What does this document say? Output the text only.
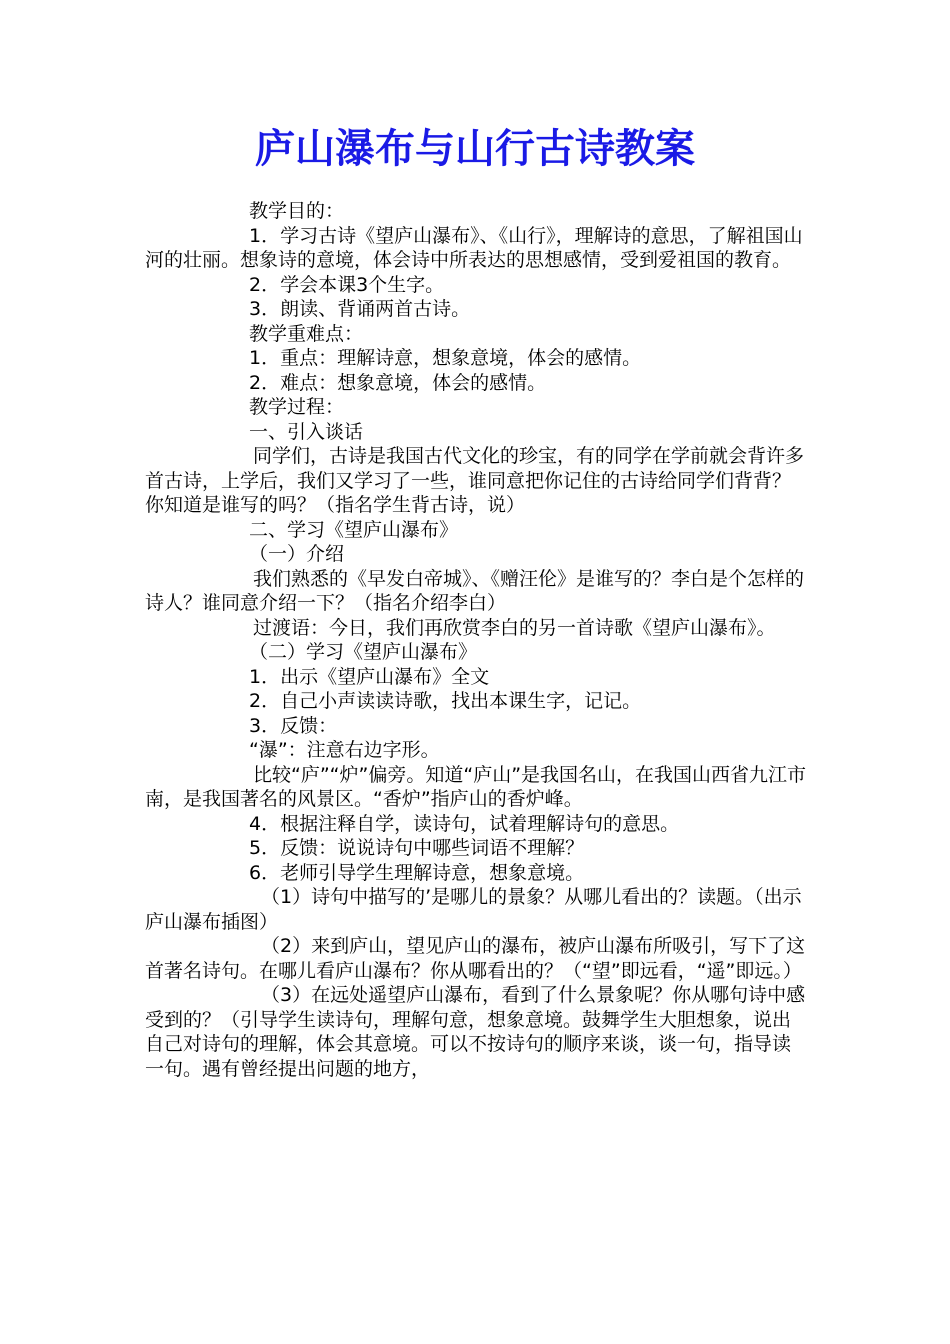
庐山瀑布与山行古诗教案

教学目的：

1．学习古诗《望庐山瀑布》、《山行》，理解诗的意思，了解祖国山河的壮丽。想象诗的意境，体会诗中所表达的思想感情，受到爱祖国的教育。

2．学会本课3个生字。

3．朗读、背诵两首古诗。

教学重难点：

1．重点：理解诗意，想象意境，体会的感情。

2．难点：想象意境，体会的感情。

教学过程：

一、引入谈话

同学们，古诗是我国古代文化的珍宝，有的同学在学前就会背许多首古诗，上学后，我们又学习了一些，谁同意把你记住的古诗给同学们背背？你知道是谁写的吗？（指名学生背古诗，说）

二、学习《望庐山瀑布》

（一）介绍

我们熟悉的《早发白帝城》、《赠汪伦》是谁写的？李白是个怎样的诗人？谁同意介绍一下？（指名介绍李白）

过渡语：今日，我们再欣赏李白的另一首诗歌《望庐山瀑布》。

（二）学习《望庐山瀑布》

1．出示《望庐山瀑布》全文

2．自己小声读读诗歌，找出本课生字，记记。

3．反馈：

“瀑”：注意右边字形。

比较“庐”“炉”偏旁。知道“庐山”是我国名山，在我国山西省九江市南，是我国著名的风景区。“香炉”指庐山的香炉峰。

4．根据注释自学，读诗句，试着理解诗句的意思。

5．反馈：说说诗句中哪些词语不理解？

6．老师引导学生理解诗意，想象意境。

（1）诗句中描写的’是哪儿的景象？从哪儿看出的？读题。（出示庐山瀑布插图）

（2）来到庐山，望见庐山的瀑布，被庐山瀑布所吸引，写下了这首著名诗句。在哪儿看庐山瀑布？你从哪看出的？（“望”即远看，“遥”即远。）

（3）在远处遥望庐山瀑布，看到了什么景象呢？你从哪句诗中感受到的？（引导学生读诗句，理解句意，想象意境。鼓舞学生大胆想象，说出自己对诗句的理解，体会其意境。可以不按诗句的顺序来谈，谈一句，指导读一句。遇有曾经提出问题的地方，
